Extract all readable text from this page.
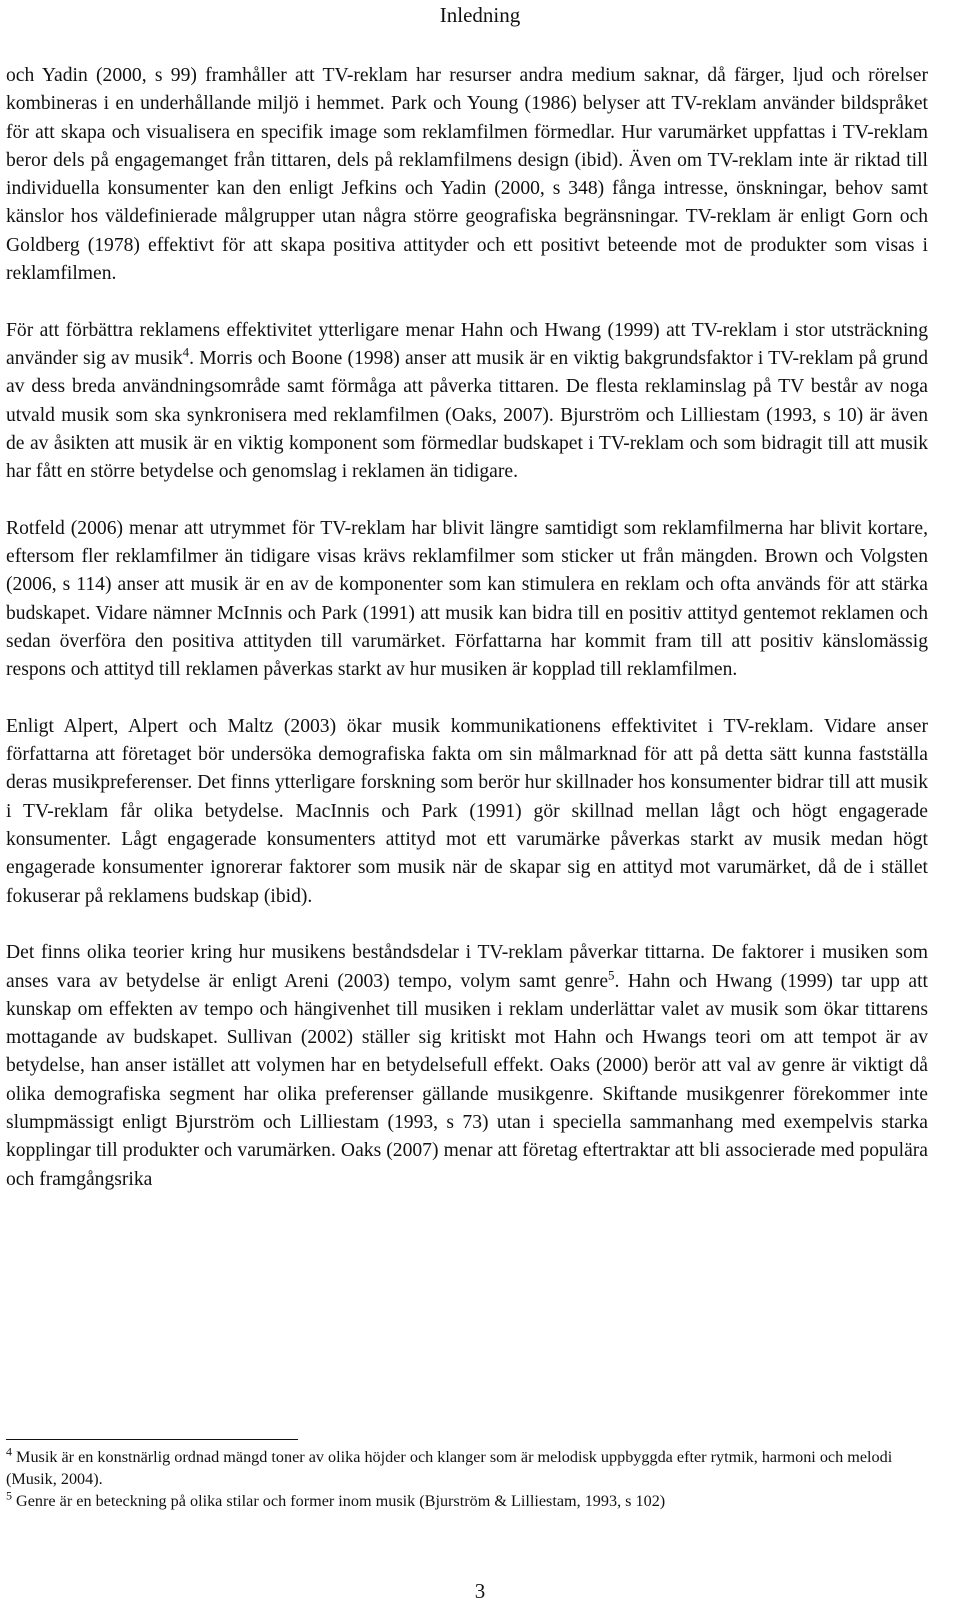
Inledning

och Yadin (2000, s 99) framhåller att TV-reklam har resurser andra medium saknar, då färger, ljud och rörelser kombineras i en underhållande miljö i hemmet. Park och Young (1986) belyser att TV-reklam använder bildspråket för att skapa och visualisera en specifik image som reklamfilmen förmedlar. Hur varumärket uppfattas i TV-reklam beror dels på engagemanget från tittaren, dels på reklamfilmens design (ibid). Även om TV-reklam inte är riktad till individuella konsumenter kan den enligt Jefkins och Yadin (2000, s 348) fånga intresse, önskningar, behov samt känslor hos väldefinierade målgrupper utan några större geografiska begränsningar. TV-reklam är enligt Gorn och Goldberg (1978) effektivt för att skapa positiva attityder och ett positivt beteende mot de produkter som visas i reklamfilmen.

För att förbättra reklamens effektivitet ytterligare menar Hahn och Hwang (1999) att TV-reklam i stor utsträckning använder sig av musik$^4$. Morris och Boone (1998) anser att musik är en viktig bakgrundsfaktor i TV-reklam på grund av dess breda användningsområde samt förmåga att påverka tittaren. De flesta reklaminslag på TV består av noga utvald musik som ska synkronisera med reklamfilmen (Oaks, 2007). Bjurström och Lilliestam (1993, s 10) är även de av åsikten att musik är en viktig komponent som förmedlar budskapet i TV-reklam och som bidragit till att musik har fått en större betydelse och genomslag i reklamen än tidigare.

Rotfeld (2006) menar att utrymmet för TV-reklam har blivit längre samtidigt som reklamfilmerna har blivit kortare, eftersom fler reklamfilmer än tidigare visas krävs reklamfilmer som sticker ut från mängden. Brown och Volgsten (2006, s 114) anser att musik är en av de komponenter som kan stimulera en reklam och ofta används för att stärka budskapet. Vidare nämner McInnis och Park (1991) att musik kan bidra till en positiv attityd gentemot reklamen och sedan överföra den positiva attityden till varumärket. Författarna har kommit fram till att positiv känslomässig respons och attityd till reklamen påverkas starkt av hur musiken är kopplad till reklamfilmen.

Enligt Alpert, Alpert och Maltz (2003) ökar musik kommunikationens effektivitet i TV-reklam. Vidare anser författarna att företaget bör undersöka demografiska fakta om sin målmarknad för att på detta sätt kunna fastställa deras musikpreferenser. Det finns ytterligare forskning som berör hur skillnader hos konsumenter bidrar till att musik i TV-reklam får olika betydelse. MacInnis och Park (1991) gör skillnad mellan lågt och högt engagerade konsumenter. Lågt engagerade konsumenters attityd mot ett varumärke påverkas starkt av musik medan högt engagerade konsumenter ignorerar faktorer som musik när de skapar sig en attityd mot varumärket, då de i stället fokuserar på reklamens budskap (ibid).

Det finns olika teorier kring hur musikens beståndsdelar i TV-reklam påverkar tittarna. De faktorer i musiken som anses vara av betydelse är enligt Areni (2003) tempo, volym samt genre$^5$. Hahn och Hwang (1999) tar upp att kunskap om effekten av tempo och hängivenhet till musiken i reklam underlättar valet av musik som ökar tittarens mottagande av budskapet. Sullivan (2002) ställer sig kritiskt mot Hahn och Hwangs teori om att tempot är av betydelse, han anser istället att volymen har en betydelsefull effekt. Oaks (2000) berör att val av genre är viktigt då olika demografiska segment har olika preferenser gällande musikgenre. Skiftande musikgenrer förekommer inte slumpmässigt enligt Bjurström och Lilliestam (1993, s 73) utan i speciella sammanhang med exempelvis starka kopplingar till produkter och varumärken. Oaks (2007) menar att företag eftertraktar att bli associerade med populära och framgångsrika

$^4$ Musik är en konstnärlig ordnad mängd toner av olika höjder och klanger som är melodisk uppbyggda efter rytmik, harmoni och melodi (Musik, 2004).

$^5$ Genre är en beteckning på olika stilar och former inom musik (Bjurström & Lilliestam, 1993, s 102)

3
